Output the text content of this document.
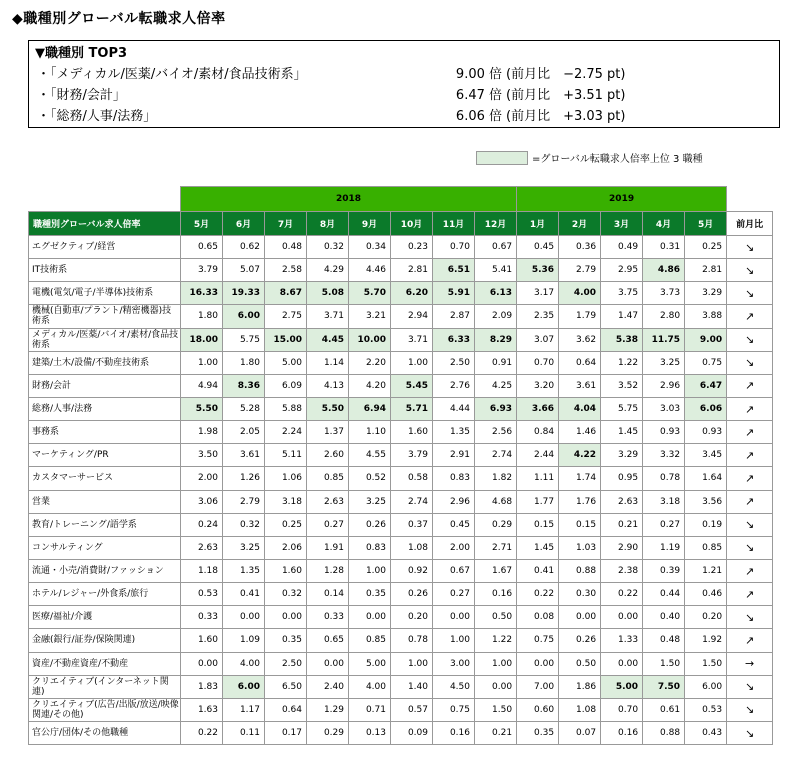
◆職種別グローバル転職求人倍率
▼職種別 TOP3
・「メディカル/医薬/バイオ/素材/食品技術系」	9.00 倍 (前月比　−2.75 pt)
・「財務/会計」	6.47 倍 (前月比　+3.51 pt)
・「総務/人事/法務」	6.06 倍 (前月比　+3.03 pt)
=グローバル転職求人倍率上位 3 職種
	2018								2019					
職種別グローバル求人倍率	5月	6月	7月	8月	9月	10月	11月	12月	1月	2月	3月	4月	5月	前月比
エグゼクティブ/経営	0.65	0.62	0.48	0.32	0.34	0.23	0.70	0.67	0.45	0.36	0.49	0.31	0.25	↘
IT技術系	3.79	5.07	2.58	4.29	4.46	2.81	6.51	5.41	5.36	2.79	2.95	4.86	2.81	↘
電機(電気/電子/半導体)技術系	16.33	19.33	8.67	5.08	5.70	6.20	5.91	6.13	3.17	4.00	3.75	3.73	3.29	↘
機械(自動車/プラント/精密機器)技術系	1.80	6.00	2.75	3.71	3.21	2.94	2.87	2.09	2.35	1.79	1.47	2.80	3.88	↗
メディカル/医薬/バイオ/素材/食品技術系	18.00	5.75	15.00	4.45	10.00	3.71	6.33	8.29	3.07	3.62	5.38	11.75	9.00	↘
建築/土木/設備/不動産技術系	1.00	1.80	5.00	1.14	2.20	1.00	2.50	0.91	0.70	0.64	1.22	3.25	0.75	↘
財務/会計	4.94	8.36	6.09	4.13	4.20	5.45	2.76	4.25	3.20	3.61	3.52	2.96	6.47	↗
総務/人事/法務	5.50	5.28	5.88	5.50	6.94	5.71	4.44	6.93	3.66	4.04	5.75	3.03	6.06	↗
事務系	1.98	2.05	2.24	1.37	1.10	1.60	1.35	2.56	0.84	1.46	1.45	0.93	0.93	↗
マーケティング/PR	3.50	3.61	5.11	2.60	4.55	3.79	2.91	2.74	2.44	4.22	3.29	3.32	3.45	↗
カスタマーサービス	2.00	1.26	1.06	0.85	0.52	0.58	0.83	1.82	1.11	1.74	0.95	0.78	1.64	↗
営業	3.06	2.79	3.18	2.63	3.25	2.74	2.96	4.68	1.77	1.76	2.63	3.18	3.56	↗
教育/トレーニング/語学系	0.24	0.32	0.25	0.27	0.26	0.37	0.45	0.29	0.15	0.15	0.21	0.27	0.19	↘
コンサルティング	2.63	3.25	2.06	1.91	0.83	1.08	2.00	2.71	1.45	1.03	2.90	1.19	0.85	↘
流通・小売/消費財/ファッション	1.18	1.35	1.60	1.28	1.00	0.92	0.67	1.67	0.41	0.88	2.38	0.39	1.21	↗
ホテル/レジャー/外食系/旅行	0.53	0.41	0.32	0.14	0.35	0.26	0.27	0.16	0.22	0.30	0.22	0.44	0.46	↗
医療/福祉/介護	0.33	0.00	0.00	0.33	0.00	0.20	0.00	0.50	0.08	0.00	0.00	0.40	0.20	↘
金融(銀行/証券/保険関連)	1.60	1.09	0.35	0.65	0.85	0.78	1.00	1.22	0.75	0.26	1.33	0.48	1.92	↗
資産/不動産資産/不動産	0.00	4.00	2.50	0.00	5.00	1.00	3.00	1.00	0.00	0.50	0.00	1.50	1.50	→
クリエイティブ(インターネット関連)	1.83	6.00	6.50	2.40	4.00	1.40	4.50	0.00	7.00	1.86	5.00	7.50	6.00	↘
クリエイティブ(広告/出版/放送/映像関連/その他)	1.63	1.17	0.64	1.29	0.71	0.57	0.75	1.50	0.60	1.08	0.70	0.61	0.53	↘
官公庁/団体/その他職種	0.22	0.11	0.17	0.29	0.13	0.09	0.16	0.21	0.35	0.07	0.16	0.88	0.43	↘
